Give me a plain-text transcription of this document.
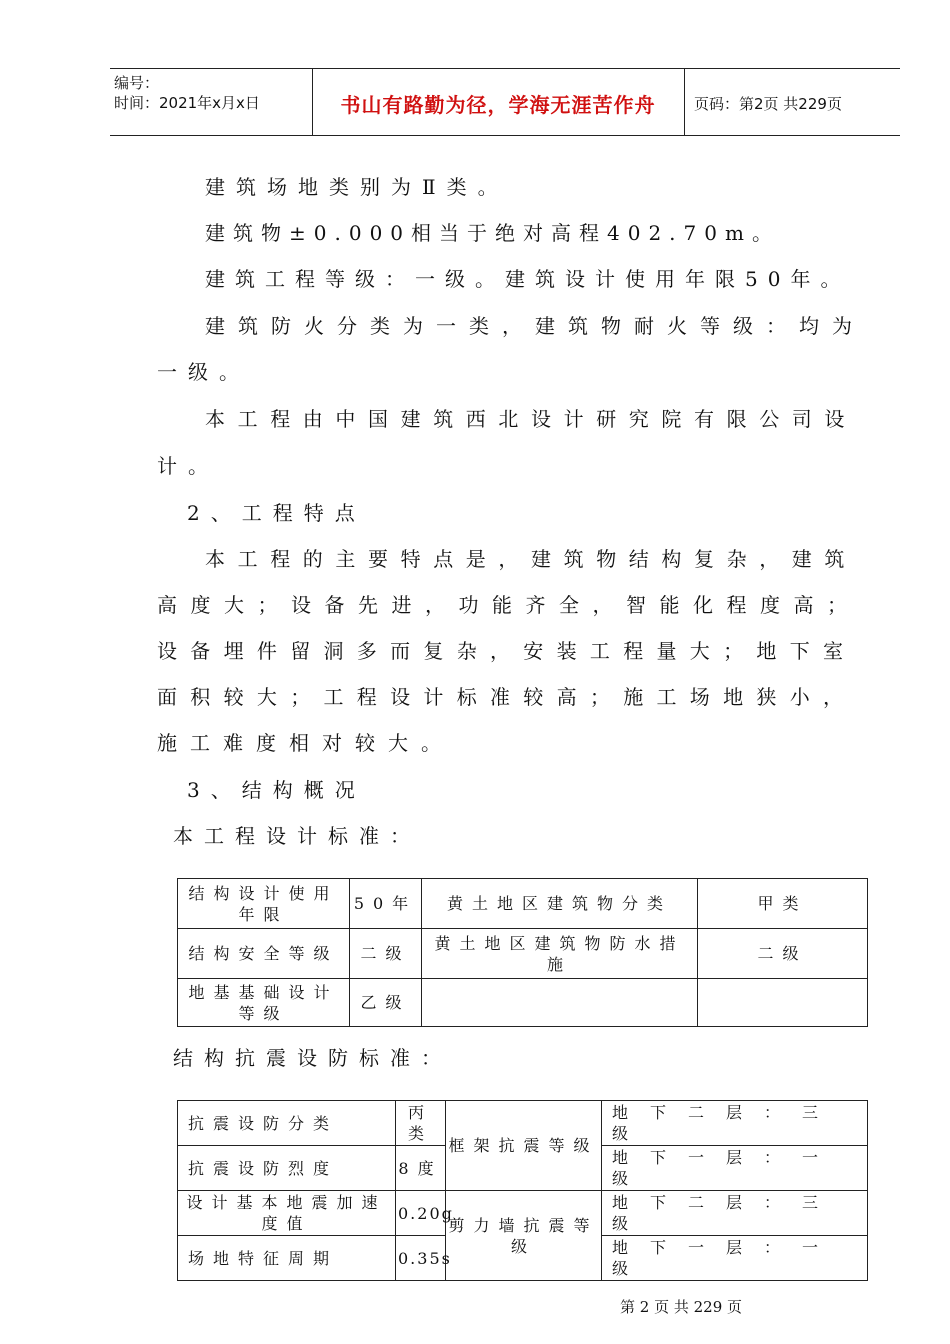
编号：
时间：2021年x月x日	书山有路勤为径，学海无涯苦作舟	页码：第2页 共229页
建筑场地类别为Ⅱ类。
建筑物±0.000相当于绝对高程402.70m。
建筑工程等级：一级。建筑设计使用年限50年。
建筑防火分类为一类，建筑物耐火等级：均为
一级。
本工程由中国建筑西北设计研究院有限公司设
计。
2、工程特点
本工程的主要特点是，建筑物结构复杂，建筑
高度大；设备先进，功能齐全，智能化程度高；
设备埋件留洞多而复杂，安装工程量大；地下室
面积较大；工程设计标准较高；施工场地狭小，
施工难度相对较大。
3、结构概况
本工程设计标准：
结构设计使用年限	50年	黄土地区建筑物分类	甲类
结构安全等级	二级	黄土地区建筑物防水措施	二级
地基基础设计等级	乙级		
结构抗震设防标准：
抗震设防分类	丙类	框架抗震等级	地下二层：三级
抗震设防烈度	8度		地下一层：一级
设计基本地震加速度值	0.20g	剪力墙抗震等级	地下二层：三级
场地特征周期	0.35s		地下一层：一级
第 2 页 共 229 页
